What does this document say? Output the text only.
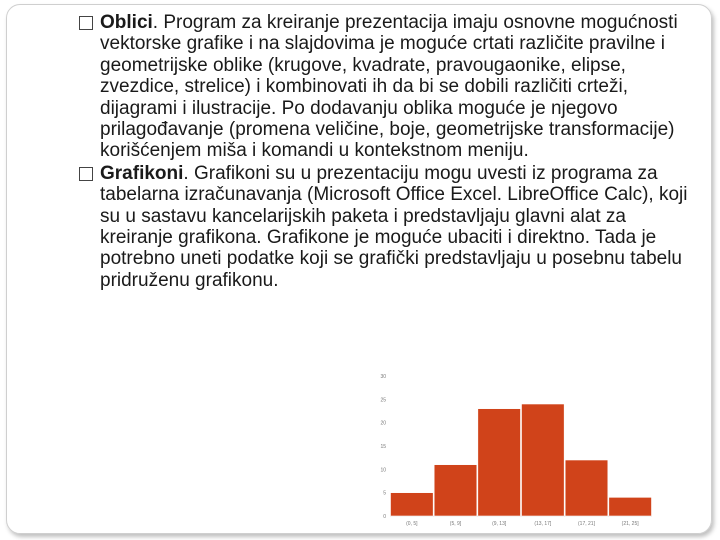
Oblici. Program za kreiranje prezentacija imaju osnovne mogućnosti vektorske grafike i na slajdovima je moguće crtati različite pravilne i geometrijske oblike (krugove, kvadrate, pravougaonike, elipse, zvezdice, strelice) i kombinovati ih da bi se dobili različiti crteži, dijagrami i ilustracije. Po dodavanju oblika moguće je njegovo prilagođavanje (promena veličine, boje, geometrijske transformacije) korišćenjem miša i komandi u kontekstnom meniju.
Grafikoni. Grafikoni su u prezentaciju mogu uvesti iz programa za tabelarna izračunavanja (Microsoft Office Excel. LibreOffice Calc), koji su u sastavu kancelarijskih paketa i predstavljaju glavni alat za kreiranje grafikona. Grafikone je moguće ubaciti i direktno. Tada je potrebno uneti podatke koji se grafički predstavljaju u posebnu tabelu pridruženu grafikonu.
0
5
10
15
20
25
30
(0, 5]	(5, 9]	(9, 13]	(13, 17]	(17, 21]	(21, 25]
